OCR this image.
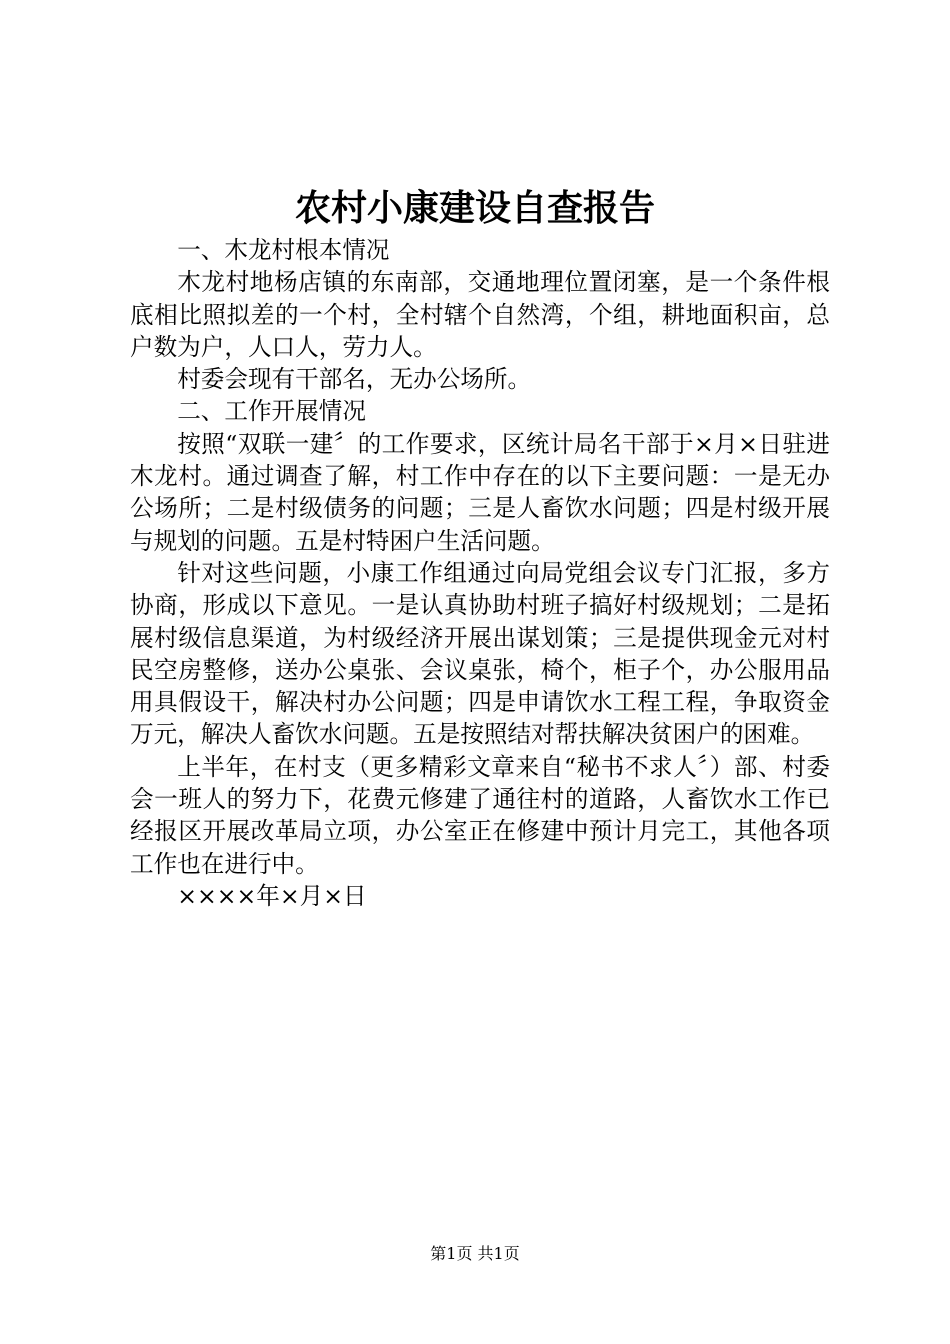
农村小康建设自查报告

一、木龙村根本情况

木龙村地杨店镇的东南部，交通地理位置闭塞，是一个条件根底相比照拟差的一个村，全村辖个自然湾，个组，耕地面积亩，总户数为户，人口人，劳力人。

村委会现有干部名，无办公场所。

二、工作开展情况

按照“双联一建〞的工作要求，区统计局名干部于×月×日驻进木龙村。通过调查了解，村工作中存在的以下主要问题：一是无办公场所；二是村级债务的问题；三是人畜饮水问题；四是村级开展与规划的问题。五是村特困户生活问题。

针对这些问题，小康工作组通过向局党组会议专门汇报，多方协商，形成以下意见。一是认真协助村班子搞好村级规划；二是拓展村级信息渠道，为村级经济开展出谋划策；三是提供现金元对村民空房整修，送办公桌张、会议桌张，椅个，柜子个，办公服用品用具假设干，解决村办公问题；四是申请饮水工程工程，争取资金万元，解决人畜饮水问题。五是按照结对帮扶解决贫困户的困难。

上半年，在村支（更多精彩文章来自“秘书不求人〞）部、村委会一班人的努力下，花费元修建了通往村的道路，人畜饮水工作已经报区开展改革局立项，办公室正在修建中预计月完工，其他各项工作也在进行中。

××××年×月×日

第1页 共1页
